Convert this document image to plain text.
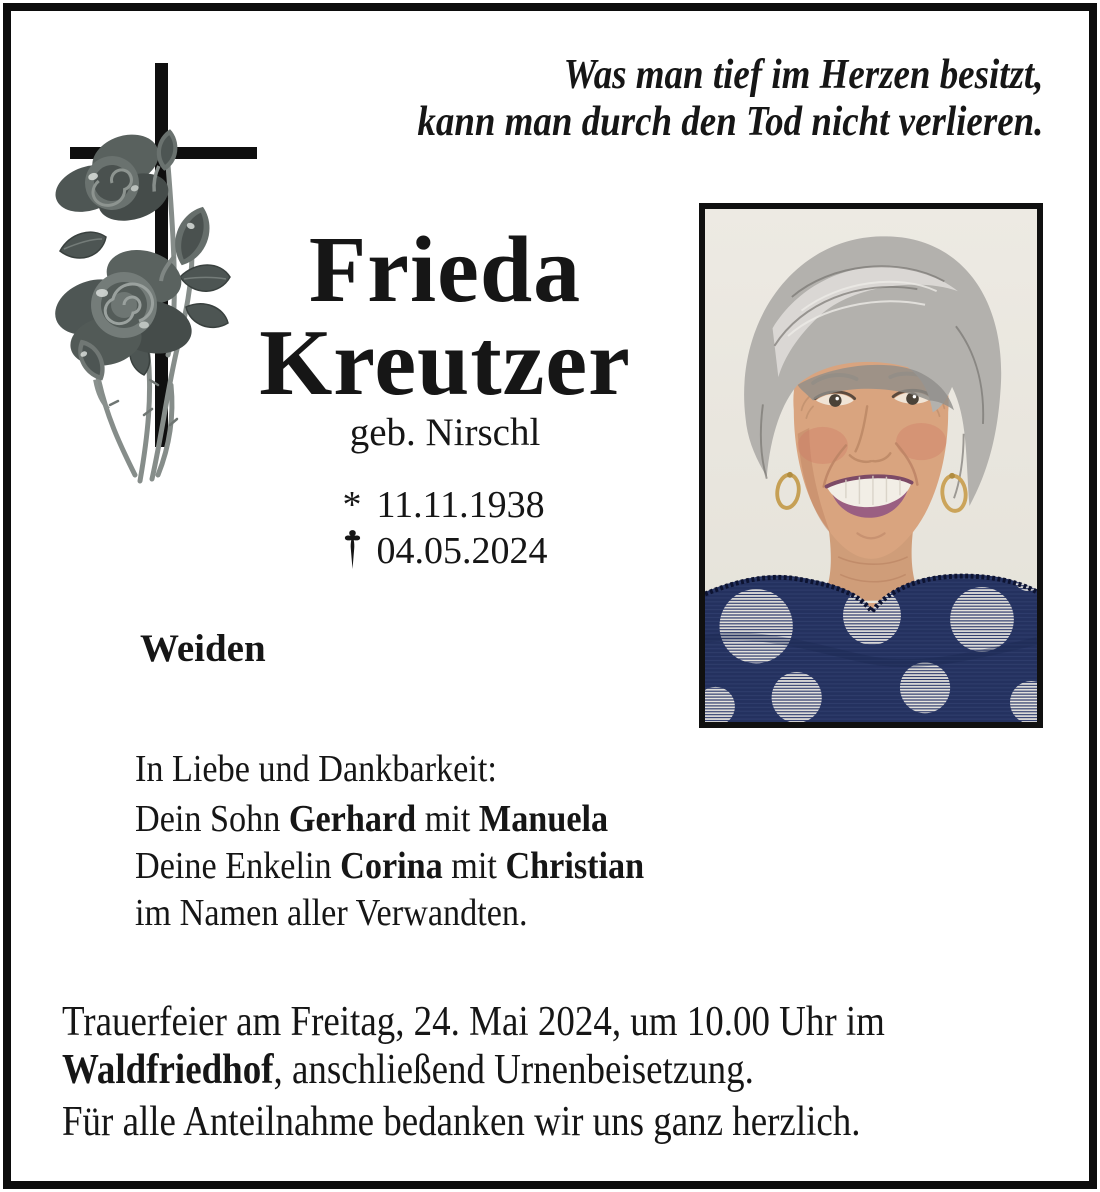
Was man tief im Herzen besitzt,
kann man durch den Tod nicht verlieren.
Frieda
Kreutzer
geb. Nirschl
* 11.11.1938
04.05.2024
Weiden
In Liebe und Dankbarkeit:
Dein Sohn Gerhard mit Manuela
Deine Enkelin Corina mit Christian
im Namen aller Verwandten.
Trauerfeier am Freitag, 24. Mai 2024, um 10.00 Uhr im
Waldfriedhof, anschließend Urnenbeisetzung.
Für alle Anteilnahme bedanken wir uns ganz herzlich.
